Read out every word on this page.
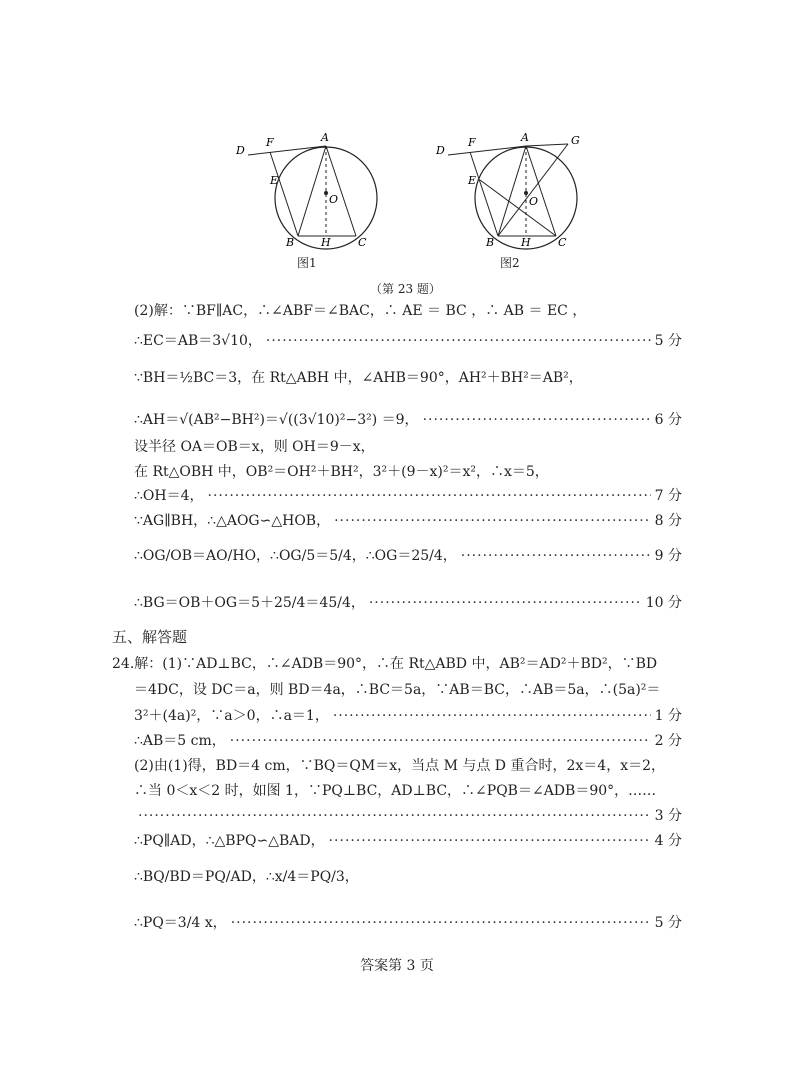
D
F	A
E
O
B H C
图1
D
F	A	G
E
O
B H C
图2
（第 23 题）
(2)解：∵BF∥AC，∴∠ABF＝∠BAC，∴ AE ＝ BC ，∴ AB ＝ EC ，
∴EC＝AB＝3√10， ·····	5 分
∵BH＝½BC＝3，在 Rt△ABH 中，∠AHB＝90°，AH²＋BH²＝AB²，
∴AH＝√(AB²−BH²)＝√((3√10)²−3²) ＝9， ·····	6 分
设半径 OA＝OB＝x，则 OH＝9－x，
在 Rt△OBH 中，OB²＝OH²＋BH²，3²＋(9－x)²＝x²，∴x＝5，
∴OH＝4， ·····	7 分
∵AG∥BH，∴△AOG∽△HOB， ·····	8 分
∴OG/OB＝AO/HO，∴OG/5＝5/4，∴OG＝25/4， ·····	9 分
∴BG＝OB＋OG＝5＋25/4＝45/4， ·····	10 分
五、解答题
24.解：(1)∵AD⊥BC，∴∠ADB＝90°，∴在 Rt△ABD 中，AB²＝AD²＋BD²，∵BD
＝4DC，设 DC＝a，则 BD＝4a，∴BC＝5a，∵AB＝BC，∴AB＝5a，∴(5a)²＝
3²＋(4a)²，∵a＞0，∴a＝1， ·····	1 分
∴AB＝5 cm， ·····	2 分
(2)由(1)得，BD＝4 cm，∵BQ＝QM＝x，当点 M 与点 D 重合时，2x＝4，x＝2，
∴当 0＜x＜2 时，如图 1，∵PQ⊥BC，AD⊥BC，∴∠PQB＝∠ADB＝90°，……
·····
3 分
∴PQ∥AD，∴△BPQ∽△BAD， ·····	4 分
∴BQ/BD＝PQ/AD，∴x/4＝PQ/3，
∴PQ＝3/4 x， ·····	5 分
答案第 3 页
